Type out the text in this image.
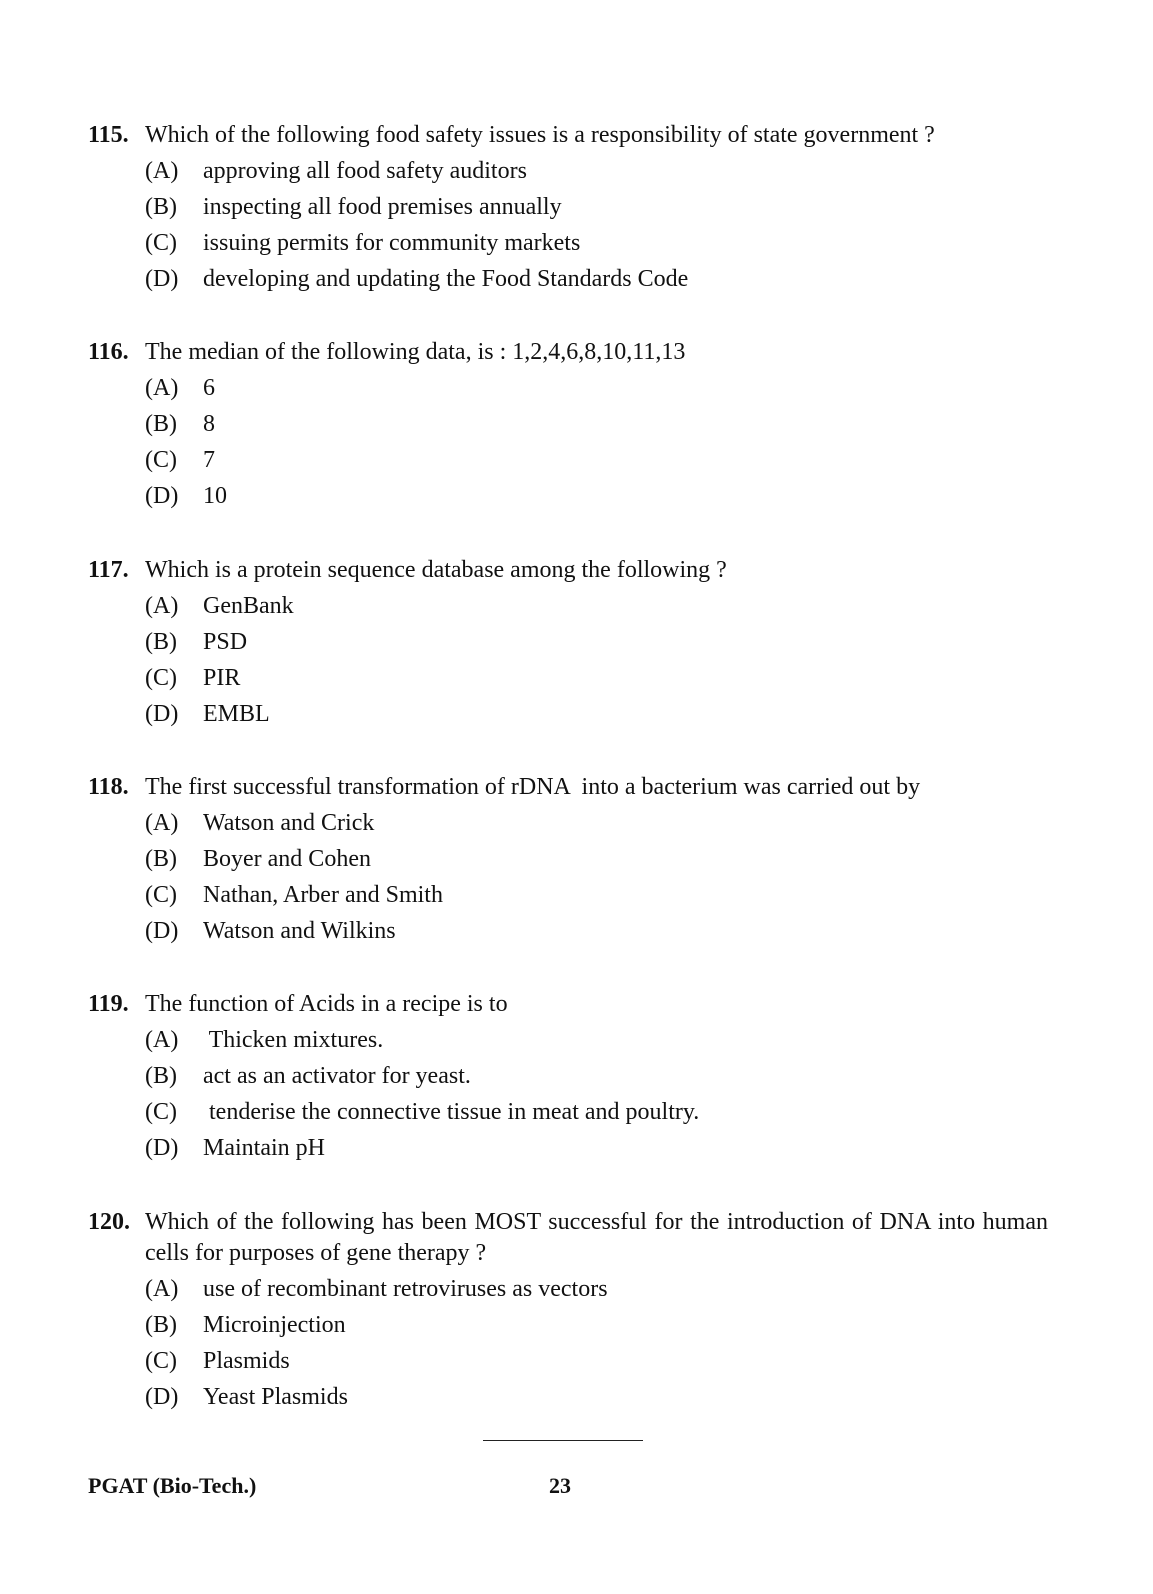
115. Which of the following food safety issues is a responsibility of state government ?
(A) approving all food safety auditors
(B) inspecting all food premises annually
(C) issuing permits for community markets
(D) developing and updating the Food Standards Code
116. The median of the following data, is : 1,2,4,6,8,10,11,13
(A) 6
(B) 8
(C) 7
(D) 10
117. Which is a protein sequence database among the following ?
(A) GenBank
(B) PSD
(C) PIR
(D) EMBL
118. The first successful transformation of rDNA  into a bacterium was carried out by
(A) Watson and Crick
(B) Boyer and Cohen
(C) Nathan, Arber and Smith
(D) Watson and Wilkins
119. The function of Acids in a recipe is to
(A) Thicken mixtures.
(B) act as an activator for yeast.
(C) tenderise the connective tissue in meat and poultry.
(D) Maintain pH
120. Which of the following has been MOST successful for the introduction of DNA into human cells for purposes of gene therapy ?
(A) use of recombinant retroviruses as vectors
(B) Microinjection
(C) Plasmids
(D) Yeast Plasmids
PGAT (Bio-Tech.)	23
